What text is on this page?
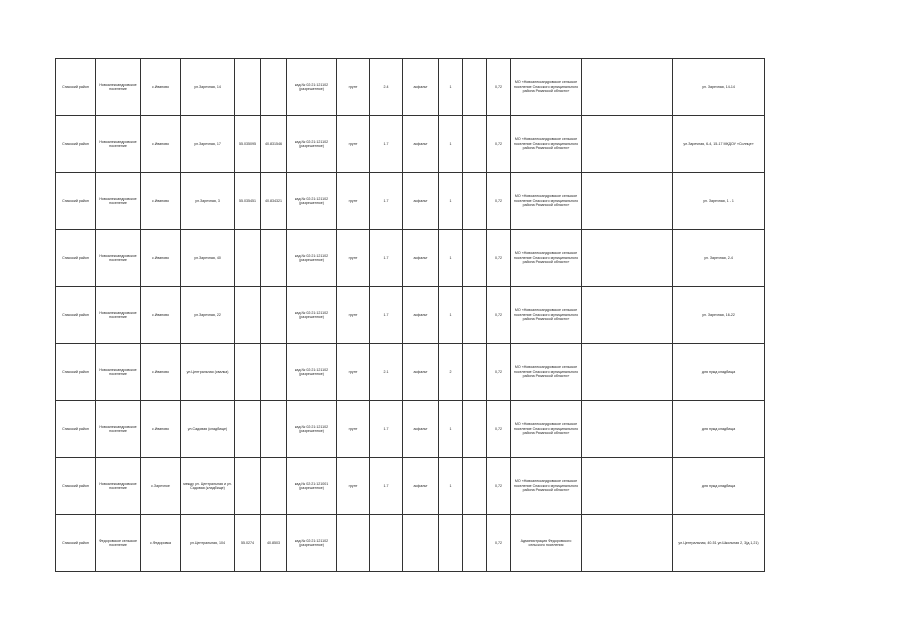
Спасский район	Новоалександровское поселение	с.Иваново	ул.Заречная, 14			кад.№ 02:21:121102 (разрешенное)	грунт	2.4	асфальт	1		0,72	МО «Новоалександровское сельское поселение Спасского муниципального района Рязанской области»		ул. Заречная, 14-14
Спасский район	Новоалександровское поселение	с.Иваново	ул.Заречная, 17	55.035095	40.831546	кад.№ 02:21:121102 (разрешенное)	грунт	1.7	асфальт	1		0,72	МО «Новоалександровское сельское поселение Спасского муниципального района Рязанской области»		ул.Заречная, 6-4, 15-17 МКДОУ «Солнце»
Спасский район	Новоалександровское поселение	с.Иваново	ул.Заречная, 3	55.035451	40.834321	кад.№ 02:21:121102 (разрешенное)	грунт	1.7	асфальт	1		0,72	МО «Новоалександровское сельское поселение Спасского муниципального района Рязанской области»		ул. Заречная, 1 - 1
Спасский район	Новоалександровское поселение	с.Иваново	ул.Заречная, 40			кад.№ 02:21:121102 (разрешенное)	грунт	1.7	асфальт	1		0,72	МО «Новоалександровское сельское поселение Спасского муниципального района Рязанской области»		ул. Заречная, 2-4
Спасский район	Новоалександровское поселение	с.Иваново	ул.Заречная, 22			кад.№ 02:21:121102 (разрешенное)	грунт	1.7	асфальт	1		0,72	МО «Новоалександровское сельское поселение Спасского муниципального района Рязанской области»		ул. Заречная, 16-22
Спасский район	Новоалександровское поселение	с.Иваново	ул.Центральная (свалка)			кад.№ 02:21:121102 (разрешенное)	грунт	2.1	асфальт	2		0,72	МО «Новоалександровское сельское поселение Спасского муниципального района Рязанской области»		для нужд кладбища
Спасский район	Новоалександровское поселение	с.Иваново	ул.Садовая (кладбище)			кад.№ 02:21:121102 (разрешенное)	грунт	1.7	асфальт	1		0,72	МО «Новоалександровское сельское поселение Спасского муниципального района Рязанской области»		для нужд кладбища
Спасский район	Новоалександровское поселение	с.Заречное	между ул. Центральная и ул. Садовая (кладбище)			кад.№ 02:21:121001 (разрешенное)	грунт	1.7	асфальт	1		0,72	МО «Новоалександровское сельское поселение Спасского муниципального района Рязанской области»		для нужд кладбища
Спасский район	Федоровское сельское поселение	с.Федоровка	ул.Центральная, 104	55.0274	40.8503	кад.№ 02:21:121102 (разрешенное)						0,72	Администрация Федоровского сельского поселения		ул.Центральная, 40-51 ул.Школьная 2, 3(д.1,21)
